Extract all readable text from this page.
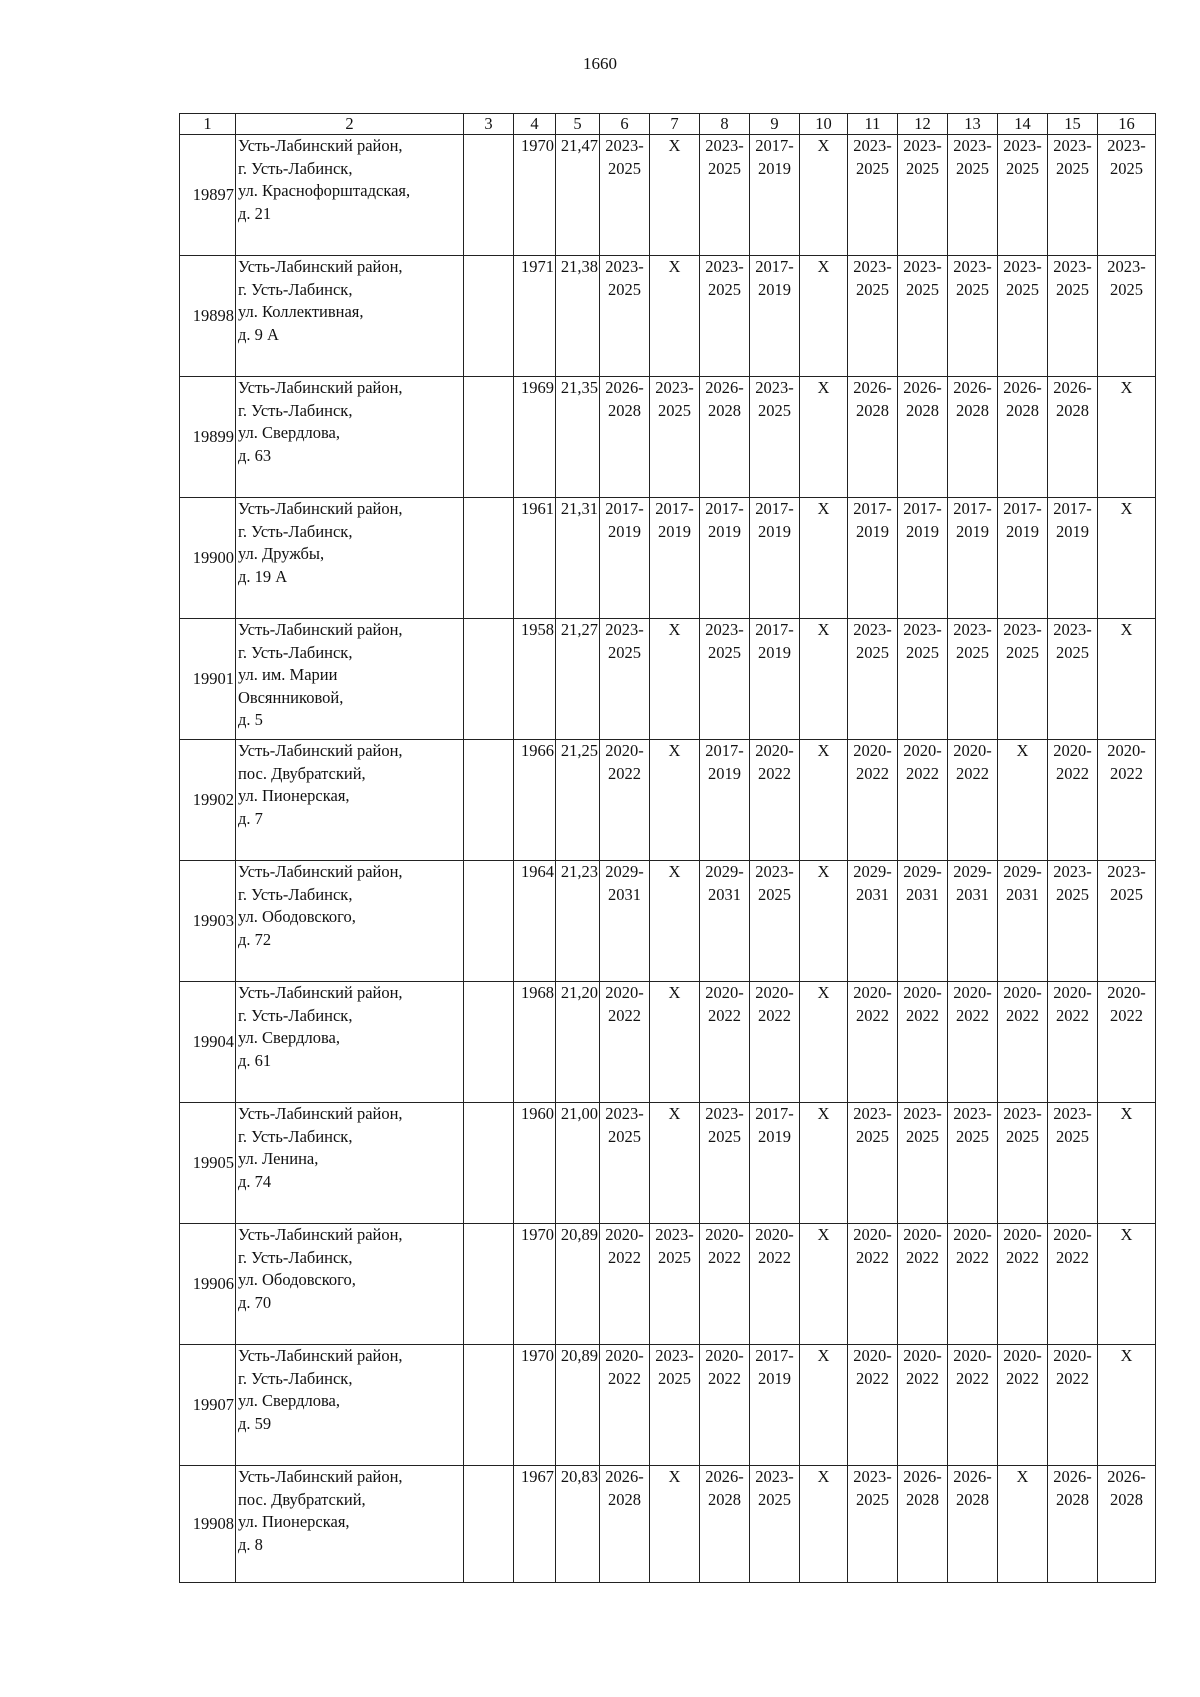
1660
1	2	3	4	5	6	7	8	9	10	11	12	13	14	15	16
19897	Усть-Лабинский район,
г. Усть-Лабинск,
ул. Краснофорштадская,
д. 21		1970	21,47	2023-
2025	X	2023-
2025	2017-
2019	X	2023-
2025	2023-
2025	2023-
2025	2023-
2025	2023-
2025	2023-
2025

19898	Усть-Лабинский район,
г. Усть-Лабинск,
ул. Коллективная,
д. 9 А		1971	21,38	2023-
2025	X	2023-
2025	2017-
2019	X	2023-
2025	2023-
2025	2023-
2025	2023-
2025	2023-
2025	2023-
2025

19899	Усть-Лабинский район,
г. Усть-Лабинск,
ул. Свердлова,
д. 63		1969	21,35	2026-
2028	2023-
2025	2026-
2028	2023-
2025	X	2026-
2028	2026-
2028	2026-
2028	2026-
2028	2026-
2028	X

19900	Усть-Лабинский район,
г. Усть-Лабинск,
ул. Дружбы,
д. 19 А		1961	21,31	2017-
2019	2017-
2019	2017-
2019	2017-
2019	X	2017-
2019	2017-
2019	2017-
2019	2017-
2019	2017-
2019	X

19901	Усть-Лабинский район,
г. Усть-Лабинск,
ул. им. Марии
Овсянниковой,
д. 5		1958	21,27	2023-
2025	X	2023-
2025	2017-
2019	X	2023-
2025	2023-
2025	2023-
2025	2023-
2025	2023-
2025	X

19902	Усть-Лабинский район,
пос. Двубратский,
ул. Пионерская,
д. 7		1966	21,25	2020-
2022	X	2017-
2019	2020-
2022	X	2020-
2022	2020-
2022	2020-
2022	X	2020-
2022	2020-
2022

19903	Усть-Лабинский район,
г. Усть-Лабинск,
ул. Ободовского,
д. 72		1964	21,23	2029-
2031	X	2029-
2031	2023-
2025	X	2029-
2031	2029-
2031	2029-
2031	2029-
2031	2023-
2025	2023-
2025

19904	Усть-Лабинский район,
г. Усть-Лабинск,
ул. Свердлова,
д. 61		1968	21,20	2020-
2022	X	2020-
2022	2020-
2022	X	2020-
2022	2020-
2022	2020-
2022	2020-
2022	2020-
2022	2020-
2022

19905	Усть-Лабинский район,
г. Усть-Лабинск,
ул. Ленина,
д. 74		1960	21,00	2023-
2025	X	2023-
2025	2017-
2019	X	2023-
2025	2023-
2025	2023-
2025	2023-
2025	2023-
2025	X

19906	Усть-Лабинский район,
г. Усть-Лабинск,
ул. Ободовского,
д. 70		1970	20,89	2020-
2022	2023-
2025	2020-
2022	2020-
2022	X	2020-
2022	2020-
2022	2020-
2022	2020-
2022	2020-
2022	X

19907	Усть-Лабинский район,
г. Усть-Лабинск,
ул. Свердлова,
д. 59		1970	20,89	2020-
2022	2023-
2025	2020-
2022	2017-
2019	X	2020-
2022	2020-
2022	2020-
2022	2020-
2022	2020-
2022	X

19908	Усть-Лабинский район,
пос. Двубратский,
ул. Пионерская,
д. 8		1967	20,83	2026-
2028	X	2026-
2028	2023-
2025	X	2023-
2025	2026-
2028	2026-
2028	X	2026-
2028	2026-
2028
